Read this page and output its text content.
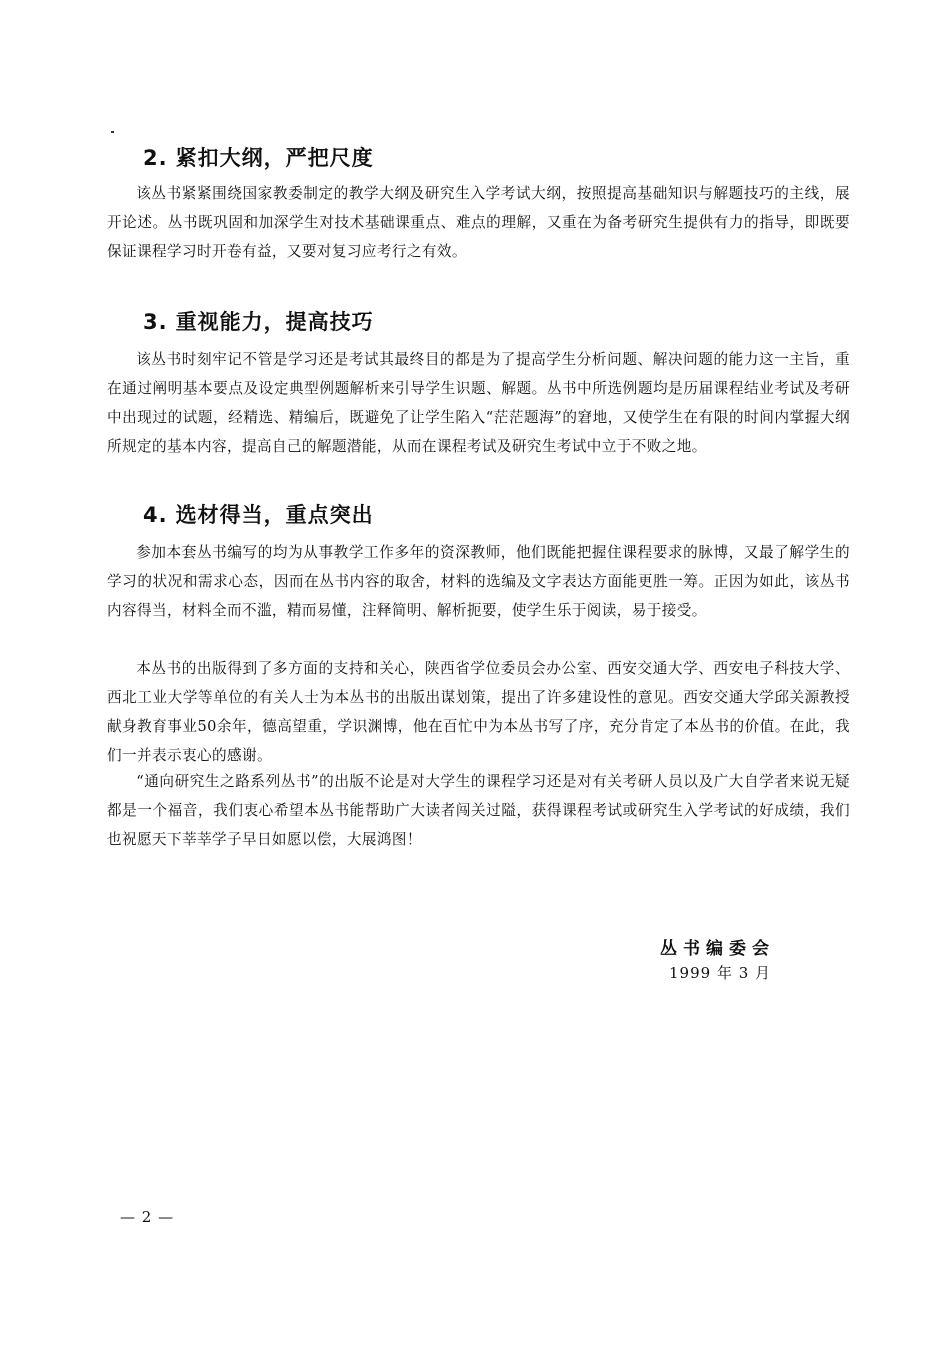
2. 紧扣大纲，严把尺度

该丛书紧紧围绕国家教委制定的教学大纲及研究生入学考试大纲，按照提高基础知识与解题技巧的主线，展开论述。丛书既巩固和加深学生对技术基础课重点、难点的理解，又重在为备考研究生提供有力的指导，即既要保证课程学习时开卷有益，又要对复习应考行之有效。

3. 重视能力，提高技巧

该丛书时刻牢记不管是学习还是考试其最终目的都是为了提高学生分析问题、解决问题的能力这一主旨，重在通过阐明基本要点及设定典型例题解析来引导学生识题、解题。丛书中所选例题均是历届课程结业考试及考研中出现过的试题，经精选、精编后，既避免了让学生陷入“茫茫题海”的窘地，又使学生在有限的时间内掌握大纲所规定的基本内容，提高自己的解题潜能，从而在课程考试及研究生考试中立于不败之地。

4. 选材得当，重点突出

参加本套丛书编写的均为从事教学工作多年的资深教师，他们既能把握住课程要求的脉博，又最了解学生的学习的状况和需求心态，因而在丛书内容的取舍，材料的选编及文字表达方面能更胜一筹。正因为如此，该丛书内容得当，材料全而不滥，精而易懂，注释简明、解析扼要，使学生乐于阅读，易于接受。

本丛书的出版得到了多方面的支持和关心，陕西省学位委员会办公室、西安交通大学、西安电子科技大学、西北工业大学等单位的有关人士为本丛书的出版出谋划策，提出了许多建设性的意见。西安交通大学邱关源教授献身教育事业50余年，德高望重，学识渊博，他在百忙中为本丛书写了序，充分肯定了本丛书的价值。在此，我们一并表示衷心的感谢。

“通向研究生之路系列丛书”的出版不论是对大学生的课程学习还是对有关考研人员以及广大自学者来说无疑都是一个福音，我们衷心希望本丛书能帮助广大读者闯关过隘，获得课程考试或研究生入学考试的好成绩，我们也祝愿天下莘莘学子早日如愿以偿，大展鸿图！

丛书编委会

1999 年 3 月

— 2 —
